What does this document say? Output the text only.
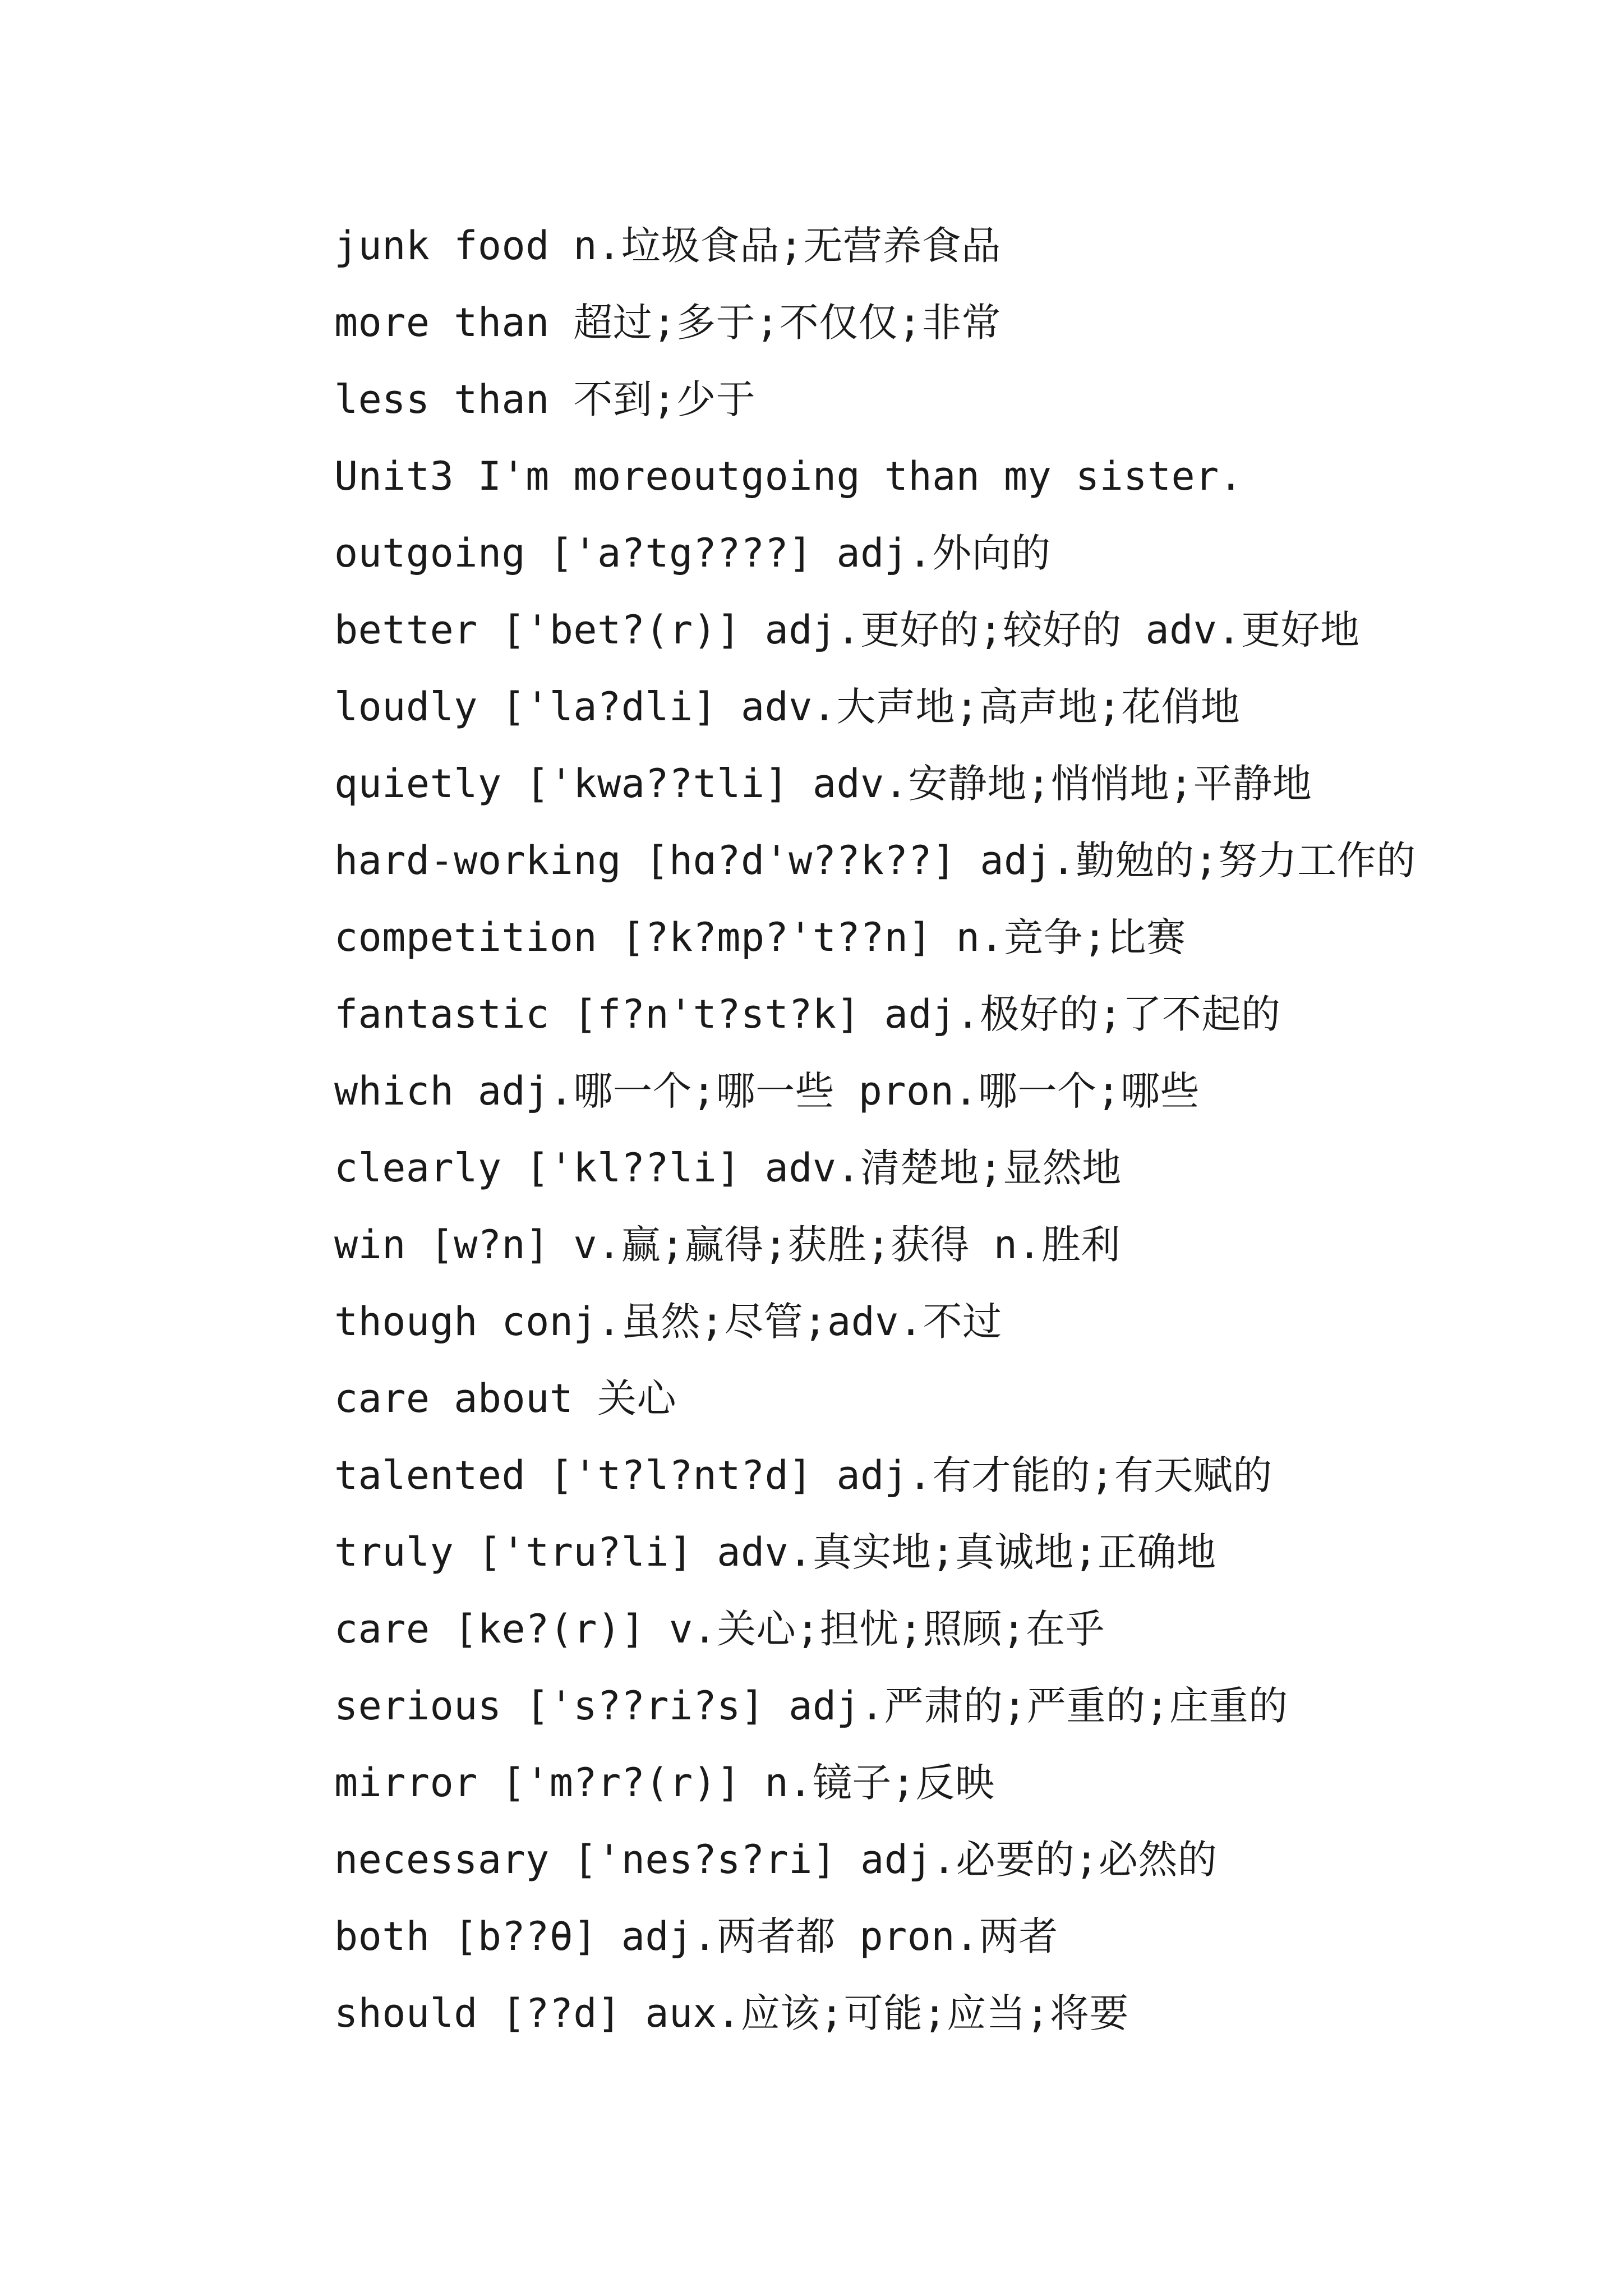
junk food n.垃圾食品;无营养食品
more than 超过;多于;不仅仅;非常
less than 不到;少于
Unit3 I'm moreoutgoing than my sister.
outgoing ['a?tg????] adj.外向的
better ['bet?(r)] adj.更好的;较好的 adv.更好地
loudly ['la?dli] adv.大声地;高声地;花俏地
quietly ['kwa??tli] adv.安静地;悄悄地;平静地
hard-working [hɑ?d'w??k??] adj.勤勉的;努力工作的
competition [?k?mp?'t??n] n.竞争;比赛
fantastic [f?n't?st?k] adj.极好的;了不起的
which adj.哪一个;哪一些 pron.哪一个;哪些
clearly ['kl??li] adv.清楚地;显然地
win [w?n] v.赢;赢得;获胜;获得 n.胜利
though conj.虽然;尽管;adv.不过
care about 关心
talented ['t?l?nt?d] adj.有才能的;有天赋的
truly ['tru?li] adv.真实地;真诚地;正确地
care [ke?(r)] v.关心;担忧;照顾;在乎
serious ['s??ri?s] adj.严肃的;严重的;庄重的
mirror ['m?r?(r)] n.镜子;反映
necessary ['nes?s?ri] adj.必要的;必然的
both [b??θ] adj.两者都 pron.两者
should [??d] aux.应该;可能;应当;将要
